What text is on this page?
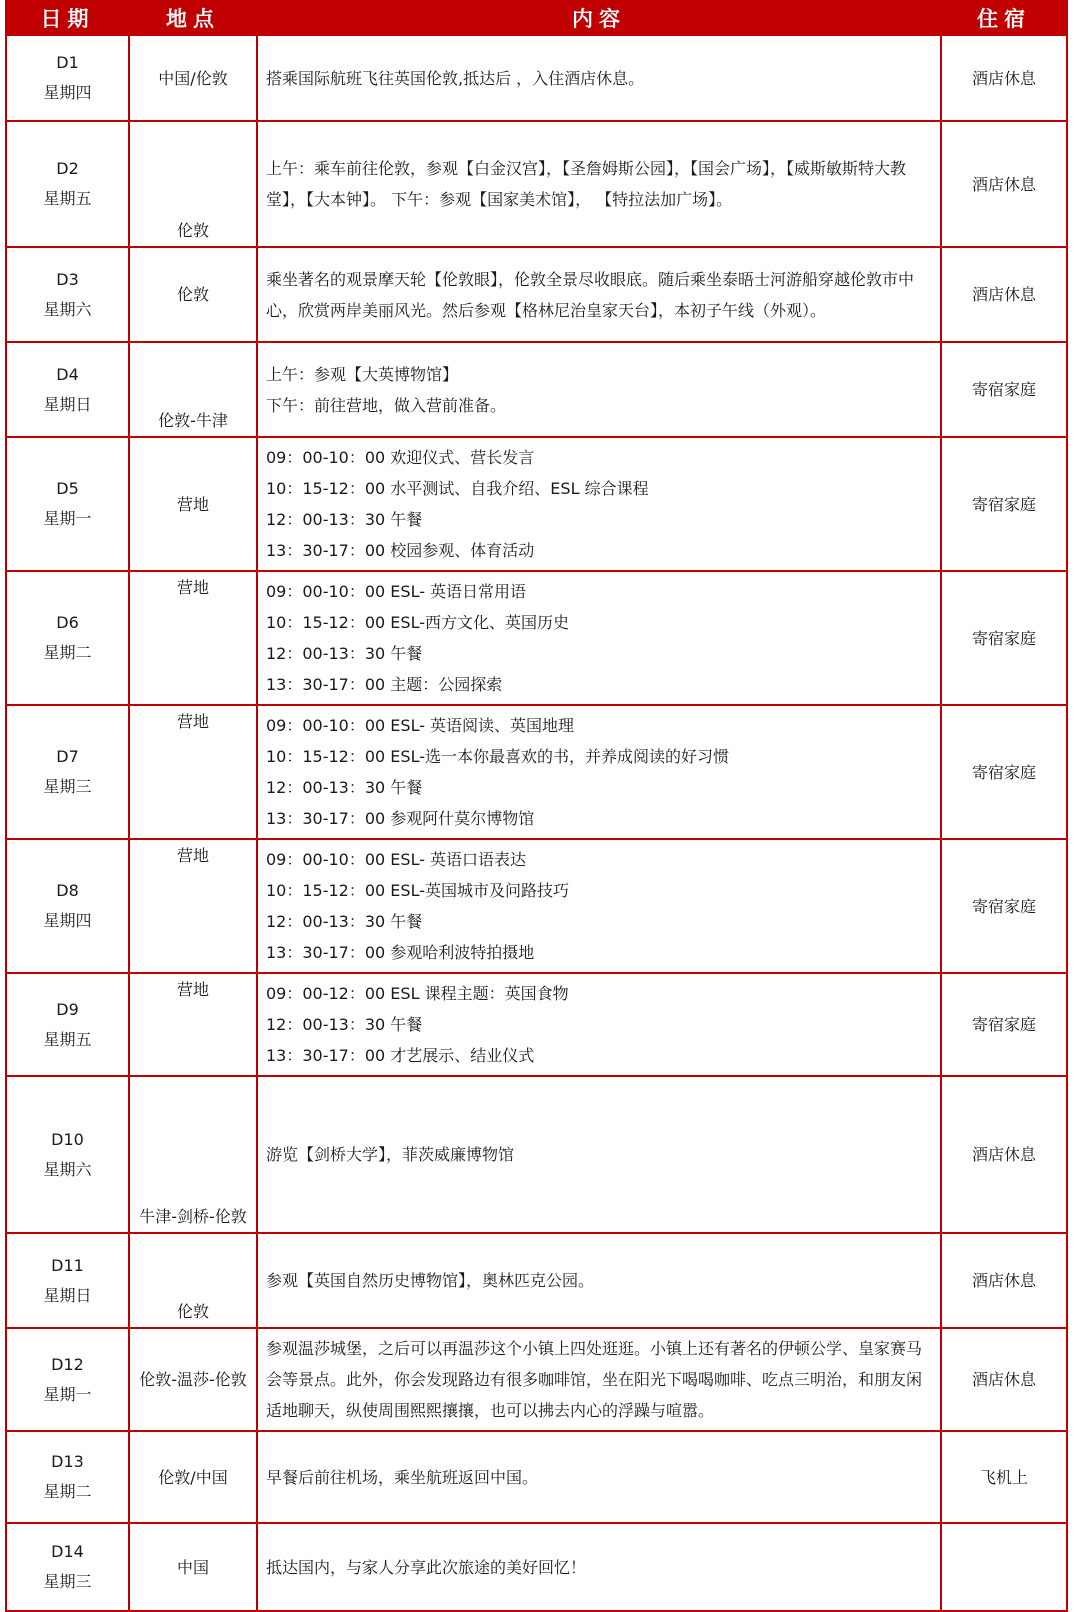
日期	地点	内容	住宿

D1
星期四	中国/伦敦	搭乘国际航班飞往英国伦敦,抵达后 ，入住酒店休息。	酒店休息

D2
星期五	伦敦	上午：乘车前往伦敦，参观【白金汉宫】，【圣詹姆斯公园】，【国会广场】，【威斯敏斯特大教堂】，【大本钟】。 下午：参观【国家美术馆】， 【特拉法加广场】。	酒店休息

D3
星期六	伦敦	乘坐著名的观景摩天轮【伦敦眼】，伦敦全景尽收眼底。随后乘坐泰晤士河游船穿越伦敦市中心，欣赏两岸美丽风光。然后参观【格林尼治皇家天台】，本初子午线（外观）。	酒店休息

D4
星期日	伦敦-牛津	上午：参观【大英博物馆】
下午：前往营地，做入营前准备。	寄宿家庭

D5
星期一	营地	09：00-10：00 欢迎仪式、营长发言
10：15-12：00 水平测试、自我介绍、ESL 综合课程
12：00-13：30 午餐
13：30-17：00 校园参观、体育活动	寄宿家庭

D6
星期二	营地	09：00-10：00 ESL- 英语日常用语
10：15-12：00 ESL-西方文化、英国历史
12：00-13：30 午餐
13：30-17：00 主题：公园探索	寄宿家庭

D7
星期三	营地	09：00-10：00 ESL- 英语阅读、英国地理
10：15-12：00 ESL-选一本你最喜欢的书，并养成阅读的好习惯
12：00-13：30 午餐
13：30-17：00 参观阿什莫尔博物馆	寄宿家庭

D8
星期四	营地	09：00-10：00 ESL- 英语口语表达
10：15-12：00 ESL-英国城市及问路技巧
12：00-13：30 午餐
13：30-17：00 参观哈利波特拍摄地	寄宿家庭

D9
星期五	营地	09：00-12：00 ESL 课程主题：英国食物
12：00-13：30 午餐
13：30-17：00 才艺展示、结业仪式	寄宿家庭

D10
星期六	牛津-剑桥-伦敦	游览【剑桥大学】，菲茨威廉博物馆	酒店休息

D11
星期日	伦敦	参观【英国自然历史博物馆】，奥林匹克公园。	酒店休息

D12
星期一	伦敦-温莎-伦敦	参观温莎城堡，之后可以再温莎这个小镇上四处逛逛。小镇上还有著名的伊顿公学、皇家赛马会等景点。此外，你会发现路边有很多咖啡馆，坐在阳光下喝喝咖啡、吃点三明治，和朋友闲适地聊天，纵使周围熙熙攘攘，也可以拂去内心的浮躁与喧嚣。	酒店休息

D13
星期二	伦敦/中国	早餐后前往机场，乘坐航班返回中国。	飞机上

D14
星期三	中国	抵达国内，与家人分享此次旅途的美好回忆！	
